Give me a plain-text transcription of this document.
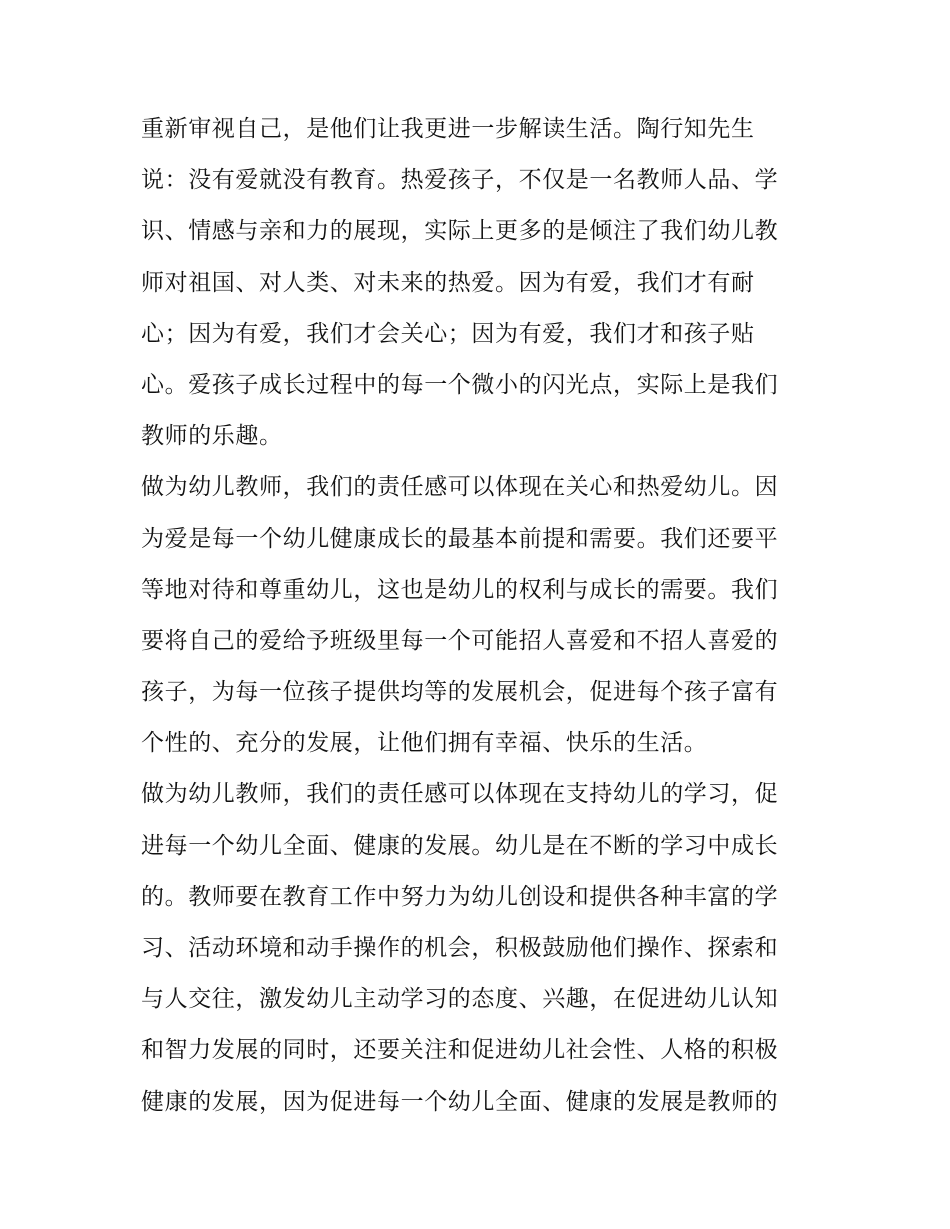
重新审视自己，是他们让我更进一步解读生活。陶行知先生
说：没有爱就没有教育。热爱孩子，不仅是一名教师人品、学
识、情感与亲和力的展现，实际上更多的是倾注了我们幼儿教
师对祖国、对人类、对未来的热爱。因为有爱，我们才有耐
心；因为有爱，我们才会关心；因为有爱，我们才和孩子贴
心。爱孩子成长过程中的每一个微小的闪光点，实际上是我们
教师的乐趣。
做为幼儿教师，我们的责任感可以体现在关心和热爱幼儿。因
为爱是每一个幼儿健康成长的最基本前提和需要。我们还要平
等地对待和尊重幼儿，这也是幼儿的权利与成长的需要。我们
要将自己的爱给予班级里每一个可能招人喜爱和不招人喜爱的
孩子，为每一位孩子提供均等的发展机会，促进每个孩子富有
个性的、充分的发展，让他们拥有幸福、快乐的生活。
做为幼儿教师，我们的责任感可以体现在支持幼儿的学习，促
进每一个幼儿全面、健康的发展。幼儿是在不断的学习中成长
的。教师要在教育工作中努力为幼儿创设和提供各种丰富的学
习、活动环境和动手操作的机会，积极鼓励他们操作、探索和
与人交往，激发幼儿主动学习的态度、兴趣，在促进幼儿认知
和智力发展的同时，还要关注和促进幼儿社会性、人格的积极
健康的发展，因为促进每一个幼儿全面、健康的发展是教师的
